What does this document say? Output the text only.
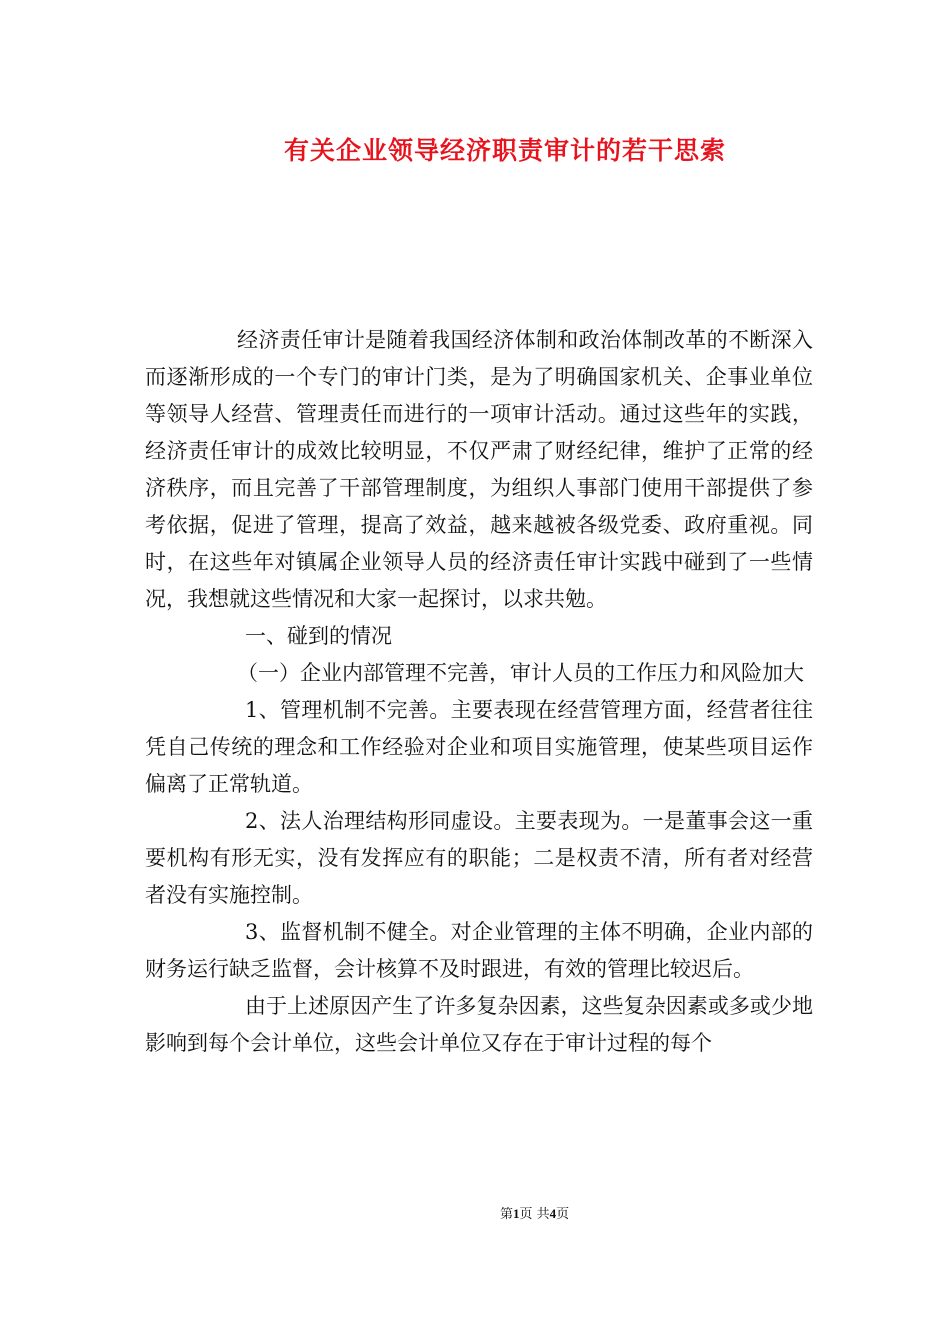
有关企业领导经济职责审计的若干思索

经济责任审计是随着我国经济体制和政治体制改革的不断深入而逐渐形成的一个专门的审计门类，是为了明确国家机关、企事业单位等领导人经营、管理责任而进行的一项审计活动。通过这些年的实践，经济责任审计的成效比较明显，不仅严肃了财经纪律，维护了正常的经济秩序，而且完善了干部管理制度，为组织人事部门使用干部提供了参考依据，促进了管理，提高了效益，越来越被各级党委、政府重视。同时，在这些年对镇属企业领导人员的经济责任审计实践中碰到了一些情况，我想就这些情况和大家一起探讨，以求共勉。

一、碰到的情况

（一）企业内部管理不完善，审计人员的工作压力和风险加大

1、管理机制不完善。主要表现在经营管理方面，经营者往往凭自己传统的理念和工作经验对企业和项目实施管理，使某些项目运作偏离了正常轨道。

2、法人治理结构形同虚设。主要表现为。一是董事会这一重要机构有形无实，没有发挥应有的职能；二是权责不清，所有者对经营者没有实施控制。

3、监督机制不健全。对企业管理的主体不明确，企业内部的财务运行缺乏监督，会计核算不及时跟进，有效的管理比较迟后。

由于上述原因产生了许多复杂因素，这些复杂因素或多或少地影响到每个会计单位，这些会计单位又存在于审计过程的每个

第1页 共4页
